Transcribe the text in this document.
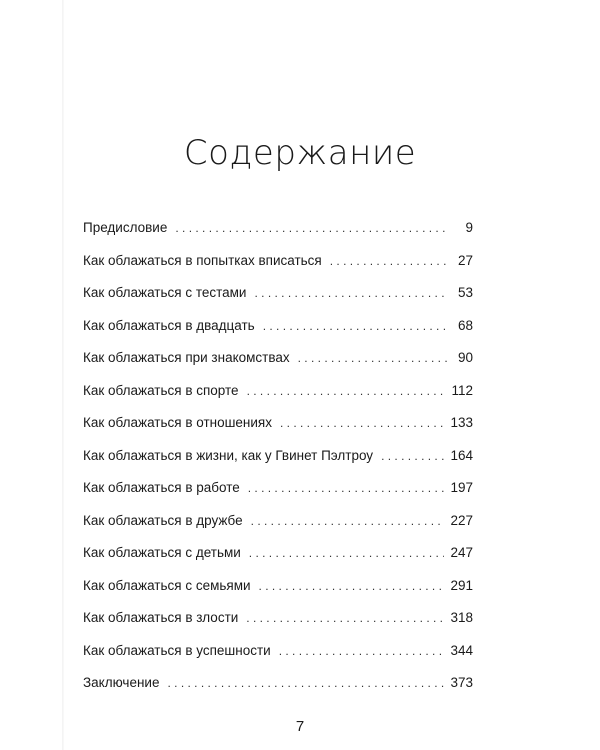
Содержание
Предисловие . . .	9
Как облажаться в попытках вписаться . . .	27
Как облажаться с тестами . . .	53
Как облажаться в двадцать . . .	68
Как облажаться при знакомствах . . .	90
Как облажаться в спорте . . .	112
Как облажаться в отношениях . . .	133
Как облажаться в жизни, как у Гвинет Пэлтроу . . .	164
Как облажаться в работе . . .	197
Как облажаться в дружбе . . .	227
Как облажаться с детьми . . .	247
Как облажаться с семьями . . .	291
Как облажаться в злости . . .	318
Как облажаться в успешности . . .	344
Заключение . . .	373
7
